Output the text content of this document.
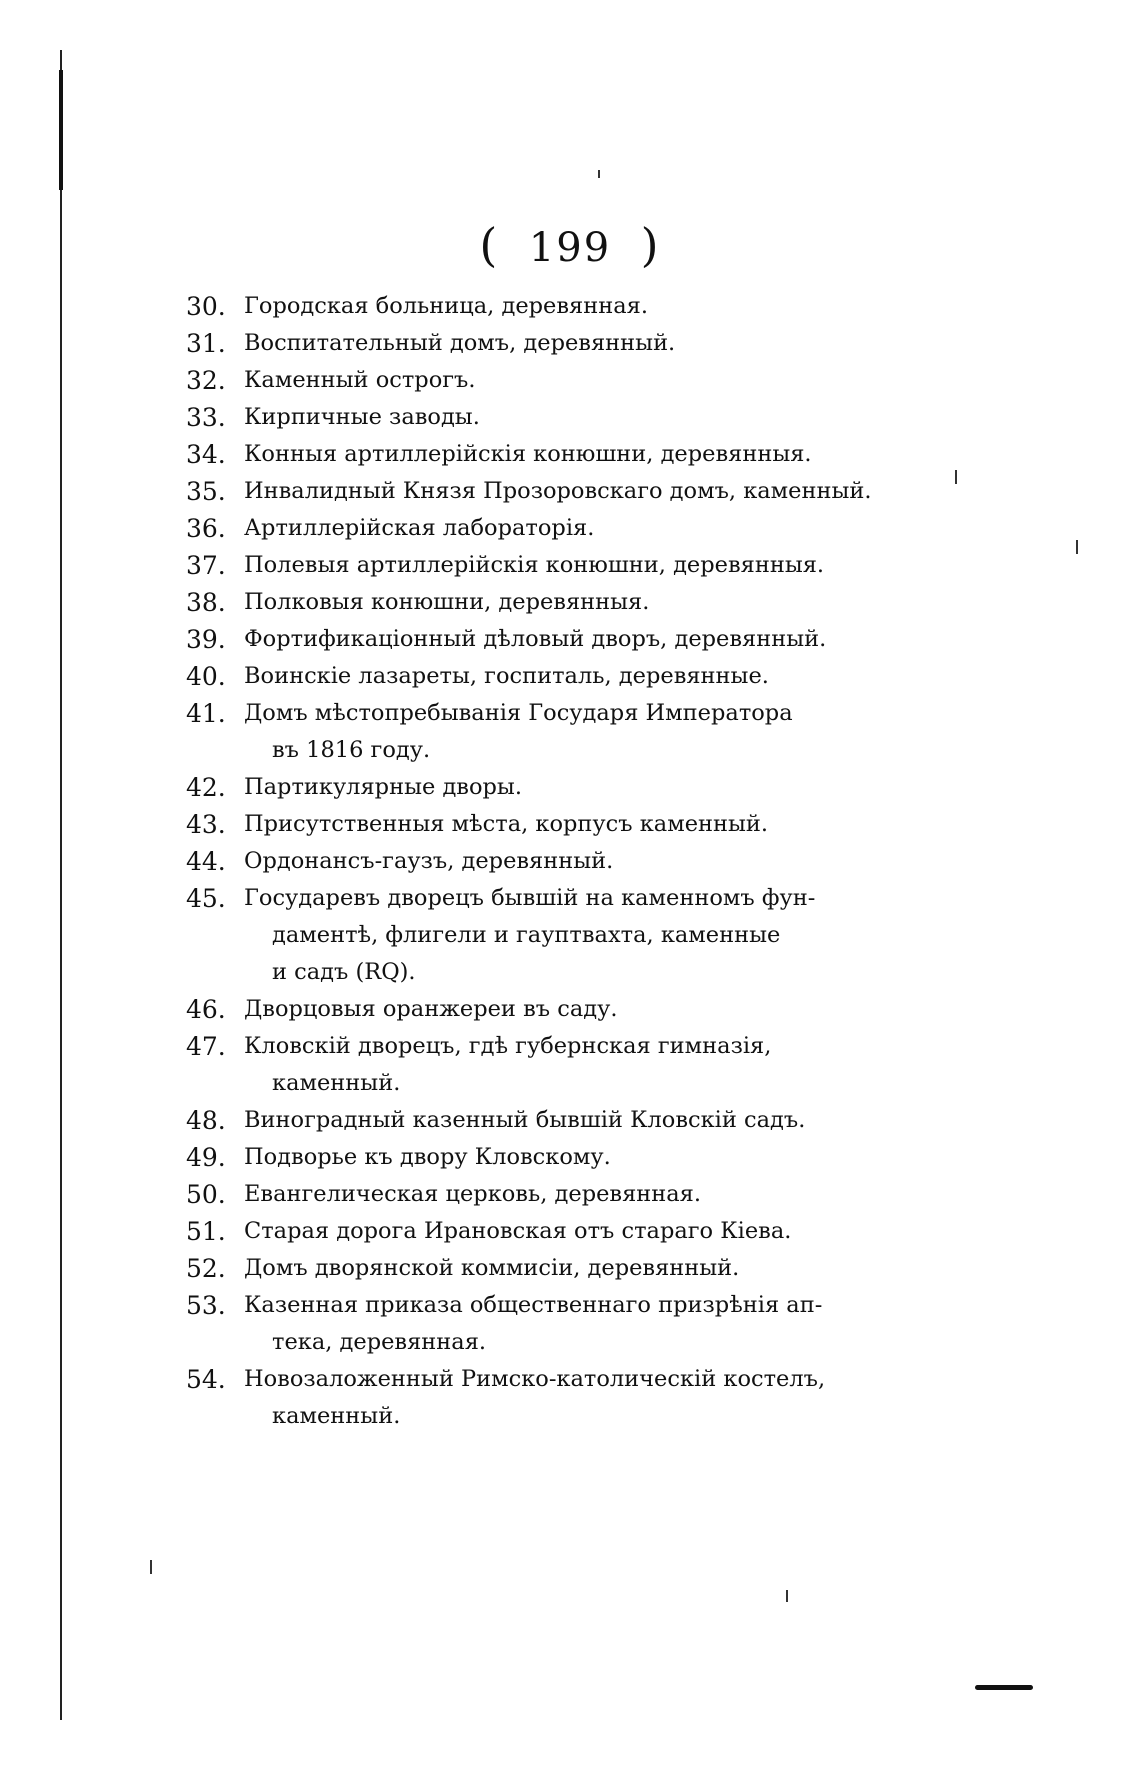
( 199 )
30. Городская больница, деревянная.
31. Воспитательный домъ, деревянный.
32. Каменный острогъ.
33. Кирпичные заводы.
34. Конныя артиллерійскія конюшни, деревянныя.
35. Инвалидный Князя Прозоровскаго домъ, каменный.
36. Артиллерійская лабораторія.
37. Полевыя артиллерійскія конюшни, деревянныя.
38. Полковыя конюшни, деревянныя.
39. Фортификаціонный дѣловый дворъ, деревянный.
40. Воинскіе лазареты, госпиталь, деревянные.
41. Домъ мѣстопребыванія Государя Императора
въ 1816 году.
42. Партикулярные дворы.
43. Присутственныя мѣста, корпусъ каменный.
44. Ордонансъ-гаузъ, деревянный.
45. Государевъ дворецъ бывшій на каменномъ фун-
даментѣ, флигели и гауптвахта, каменные
и садъ (RQ).
46. Дворцовыя оранжереи въ саду.
47. Кловскій дворецъ, гдѣ губернская гимназія,
каменный.
48. Виноградный казенный бывшій Кловскій садъ.
49. Подворье къ двору Кловскому.
50. Евангелическая церковь, деревянная.
51. Старая дорога Ирановская отъ стараго Кіева.
52. Домъ дворянской коммисіи, деревянный.
53. Казенная приказа общественнаго призрѣнія ап-
тека, деревянная.
54. Новозаложенный Римско-католическій костелъ,
каменный.
